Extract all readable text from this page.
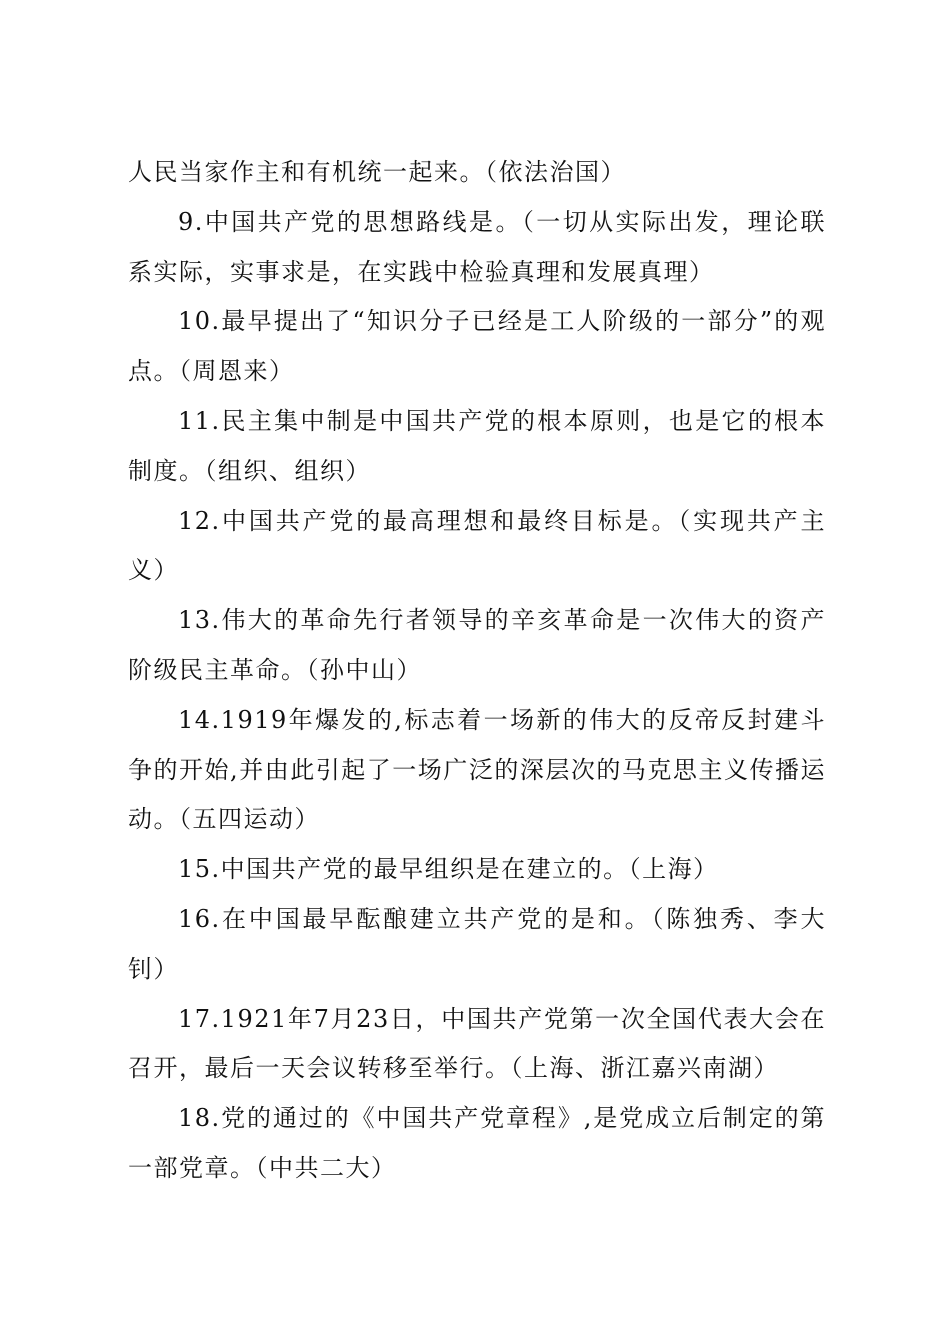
人民当家作主和有机统一起来。（依法治国）

9.中国共产党的思想路线是。（一切从实际出发，理论联系实际，实事求是，在实践中检验真理和发展真理）

10.最早提出了“知识分子已经是工人阶级的一部分”的观点。（周恩来）

11.民主集中制是中国共产党的根本原则，也是它的根本制度。（组织、组织）

12.中国共产党的最高理想和最终目标是。（实现共产主义）

13.伟大的革命先行者领导的辛亥革命是一次伟大的资产阶级民主革命。（孙中山）

14.1919年爆发的,标志着一场新的伟大的反帝反封建斗争的开始,并由此引起了一场广泛的深层次的马克思主义传播运动。（五四运动）

15.中国共产党的最早组织是在建立的。（上海）

16.在中国最早酝酿建立共产党的是和。（陈独秀、李大钊）

17.1921年7月23日，中国共产党第一次全国代表大会在召开，最后一天会议转移至举行。（上海、浙江嘉兴南湖）

18.党的通过的《中国共产党章程》,是党成立后制定的第一部党章。（中共二大）
